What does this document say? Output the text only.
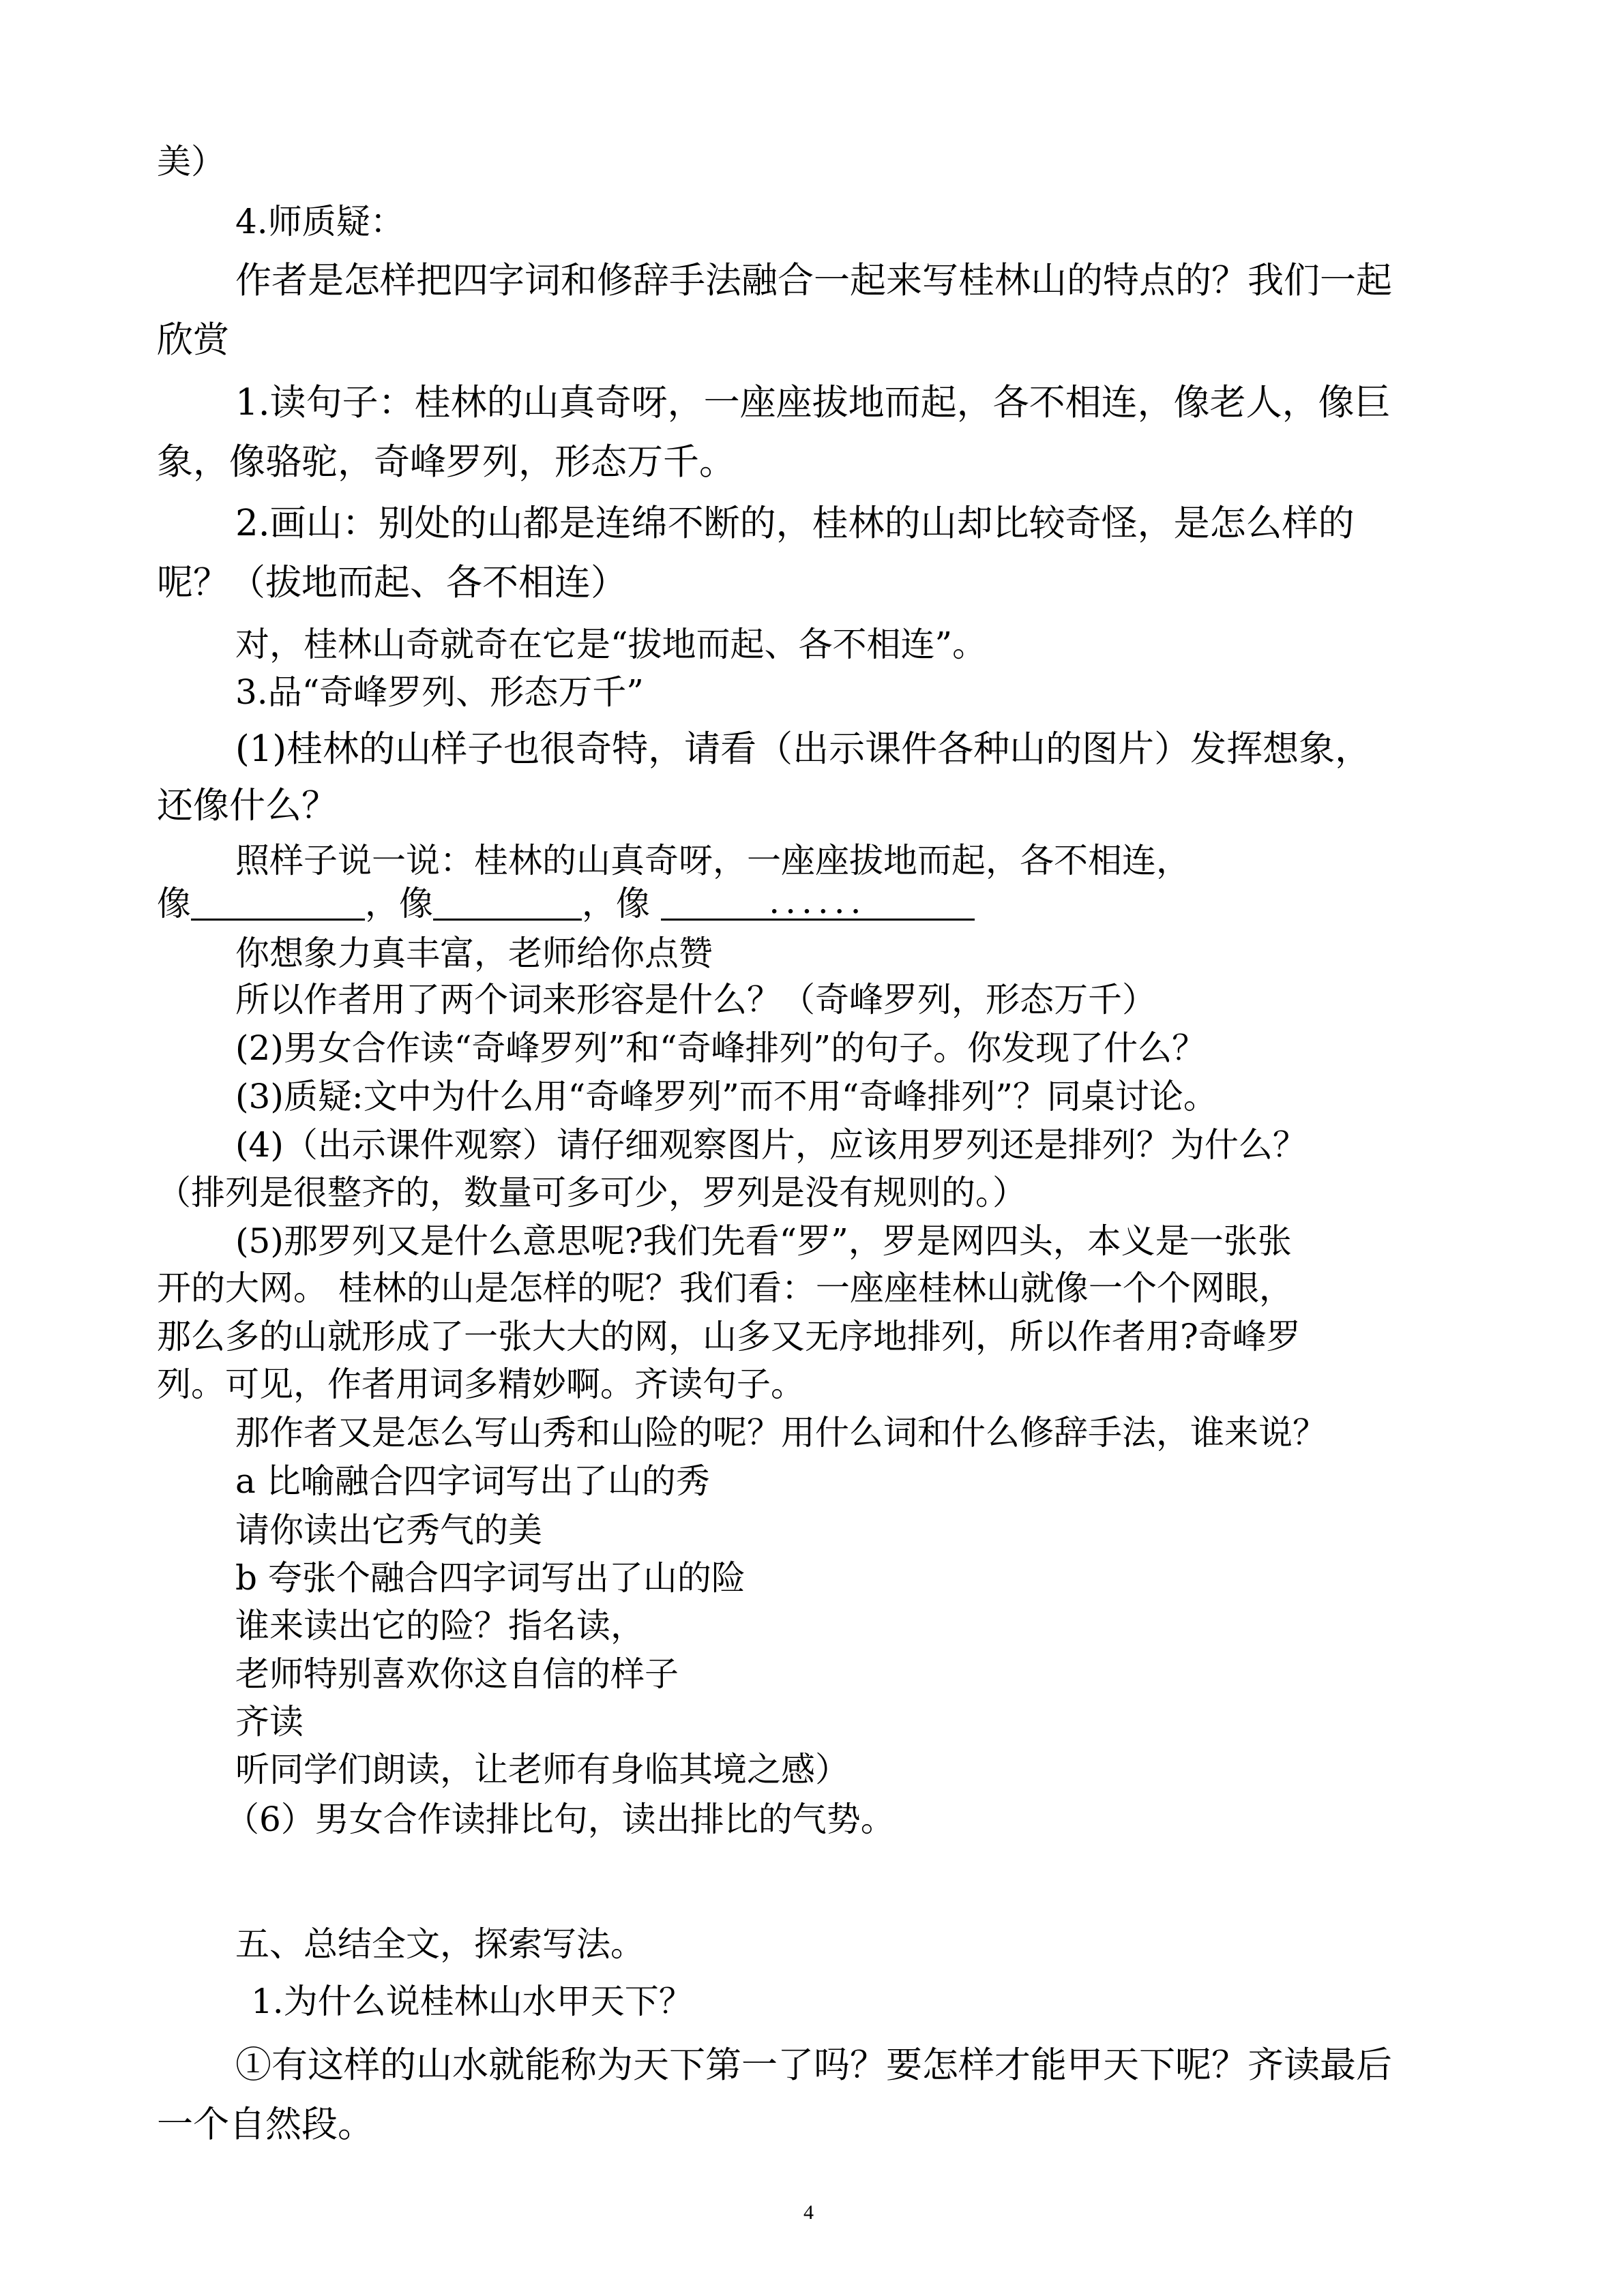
美）

4.师质疑：

作者是怎样把四字词和修辞手法融合一起来写桂林山的特点的？我们一起

欣赏

1.读句子：桂林的山真奇呀，一座座拔地而起，各不相连，像老人，像巨

象，像骆驼，奇峰罗列，形态万千。

2.画山：别处的山都是连绵不断的，桂林的山却比较奇怪，是怎么样的

呢？（拔地而起、各不相连）

对，桂林山奇就奇在它是“拔地而起、各不相连”。

3.品“奇峰罗列、形态万千”

(1)桂林的山样子也很奇特，请看（出示课件各种山的图片）发挥想象，

还像什么？

照样子说一说：桂林的山真奇呀，一座座拔地而起，各不相连，

像	，像	，像	......

你想象力真丰富，老师给你点赞

所以作者用了两个词来形容是什么？（奇峰罗列，形态万千）

(2)男女合作读“奇峰罗列”和“奇峰排列”的句子。你发现了什么？

(3)质疑:文中为什么用“奇峰罗列”而不用“奇峰排列”？同桌讨论。

(4)（出示课件观察）请仔细观察图片，应该用罗列还是排列？为什么？

（排列是很整齐的，数量可多可少，罗列是没有规则的。）

(5)那罗列又是什么意思呢?我们先看“罗”，罗是网四头，本义是一张张

开的大网。 桂林的山是怎样的呢？我们看：一座座桂林山就像一个个网眼，

那么多的山就形成了一张大大的网，山多又无序地排列，所以作者用?奇峰罗

列。可见，作者用词多精妙啊。齐读句子。

那作者又是怎么写山秀和山险的呢？用什么词和什么修辞手法，谁来说？

a 比喻融合四字词写出了山的秀

请你读出它秀气的美

b 夸张个融合四字词写出了山的险

谁来读出它的险？指名读，

老师特别喜欢你这自信的样子

齐读

听同学们朗读，让老师有身临其境之感）

（6）男女合作读排比句，读出排比的气势。

五、总结全文，探索写法。

1.为什么说桂林山水甲天下？

①有这样的山水就能称为天下第一了吗？要怎样才能甲天下呢？齐读最后

一个自然段。

4
